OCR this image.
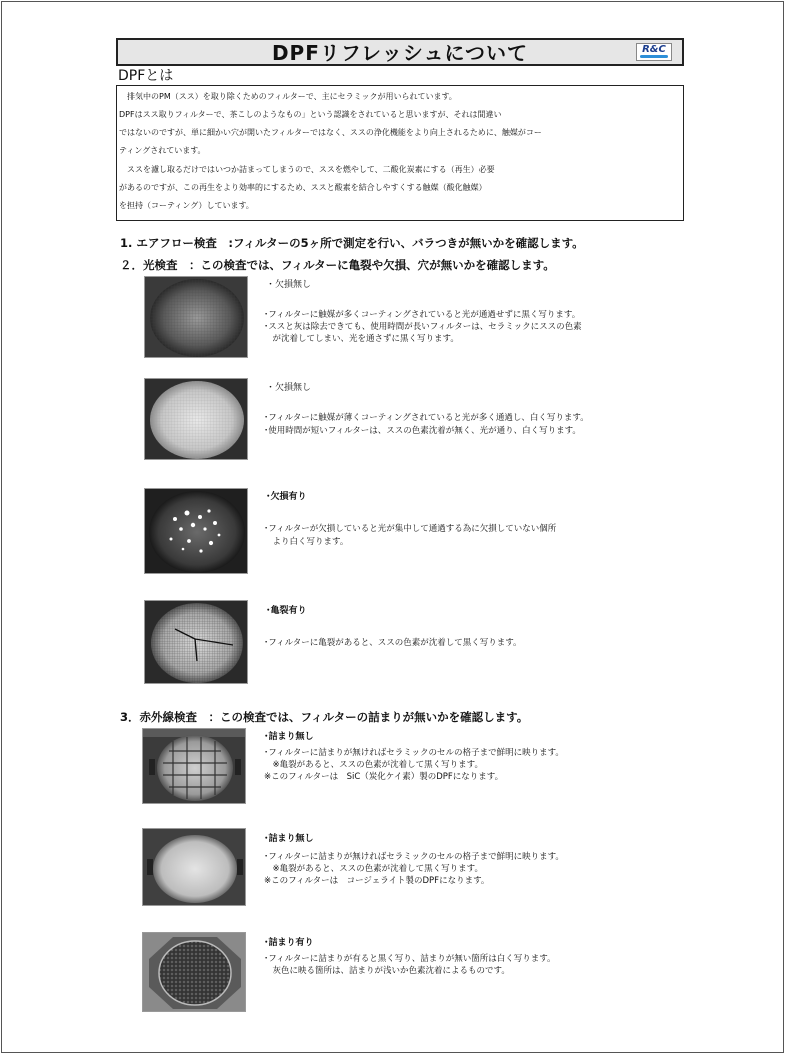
DPFリフレッシュについて	R&C
DPFとは
　排気中のPM（スス）を取り除くためのフィルターで、主にセラミックが用いられています。
DPFはスス取りフィルターで、茶こしのようなもの」という認識をされていると思いますが、それは間違い
ではないのですが、単に細かい穴が開いたフィルターではなく、ススの浄化機能をより向上されるために、触媒がコー
ティングされています。
　ススを濾し取るだけではいつか詰まってしまうので、ススを燃やして、二酸化炭素にする（再生）必要
があるのですが、この再生をより効率的にするため、ススと酸素を結合しやすくする触媒（酸化触媒）
を担持（コーティング）しています。
1. エアフロー検査　:フィルターの5ヶ所で測定を行い、バラつきが無いかを確認します。
２．光検査　：この検査では、フィルターに亀裂や欠損、穴が無いかを確認します。
・欠損無し
･フィルターに触媒が多くコーティングされていると光が通過せずに黒く写ります。
･ススと灰は除去できても、使用時間が長いフィルターは、セラミックにススの色素
　が沈着してしまい、光を通さずに黒く写ります。
・欠損無し
･フィルターに触媒が薄くコーティングされていると光が多く通過し、白く写ります。
･使用時間が短いフィルターは、ススの色素沈着が無く、光が通り、白く写ります。
･欠損有り
･フィルターが欠損していると光が集中して通過する為に欠損していない個所
　より白く写ります。
･亀裂有り
･フィルターに亀裂があると、ススの色素が沈着して黒く写ります。
3．赤外線検査　：この検査では、フィルターの詰まりが無いかを確認します。
･詰まり無し
･フィルターに詰まりが無ければセラミックのセルの格子まで鮮明に映ります。
　※亀裂があると、ススの色素が沈着して黒く写ります。
※このフィルターは　SiC（炭化ケイ素）製のDPFになります。
･詰まり無し
･フィルターに詰まりが無ければセラミックのセルの格子まで鮮明に映ります。
　※亀裂があると、ススの色素が沈着して黒く写ります。
※このフィルターは　コージェライト製のDPFになります。
･詰まり有り
･フィルターに詰まりが有ると黒く写り、詰まりが無い箇所は白く写ります。
　灰色に映る箇所は、詰まりが浅いか色素沈着によるものです。
